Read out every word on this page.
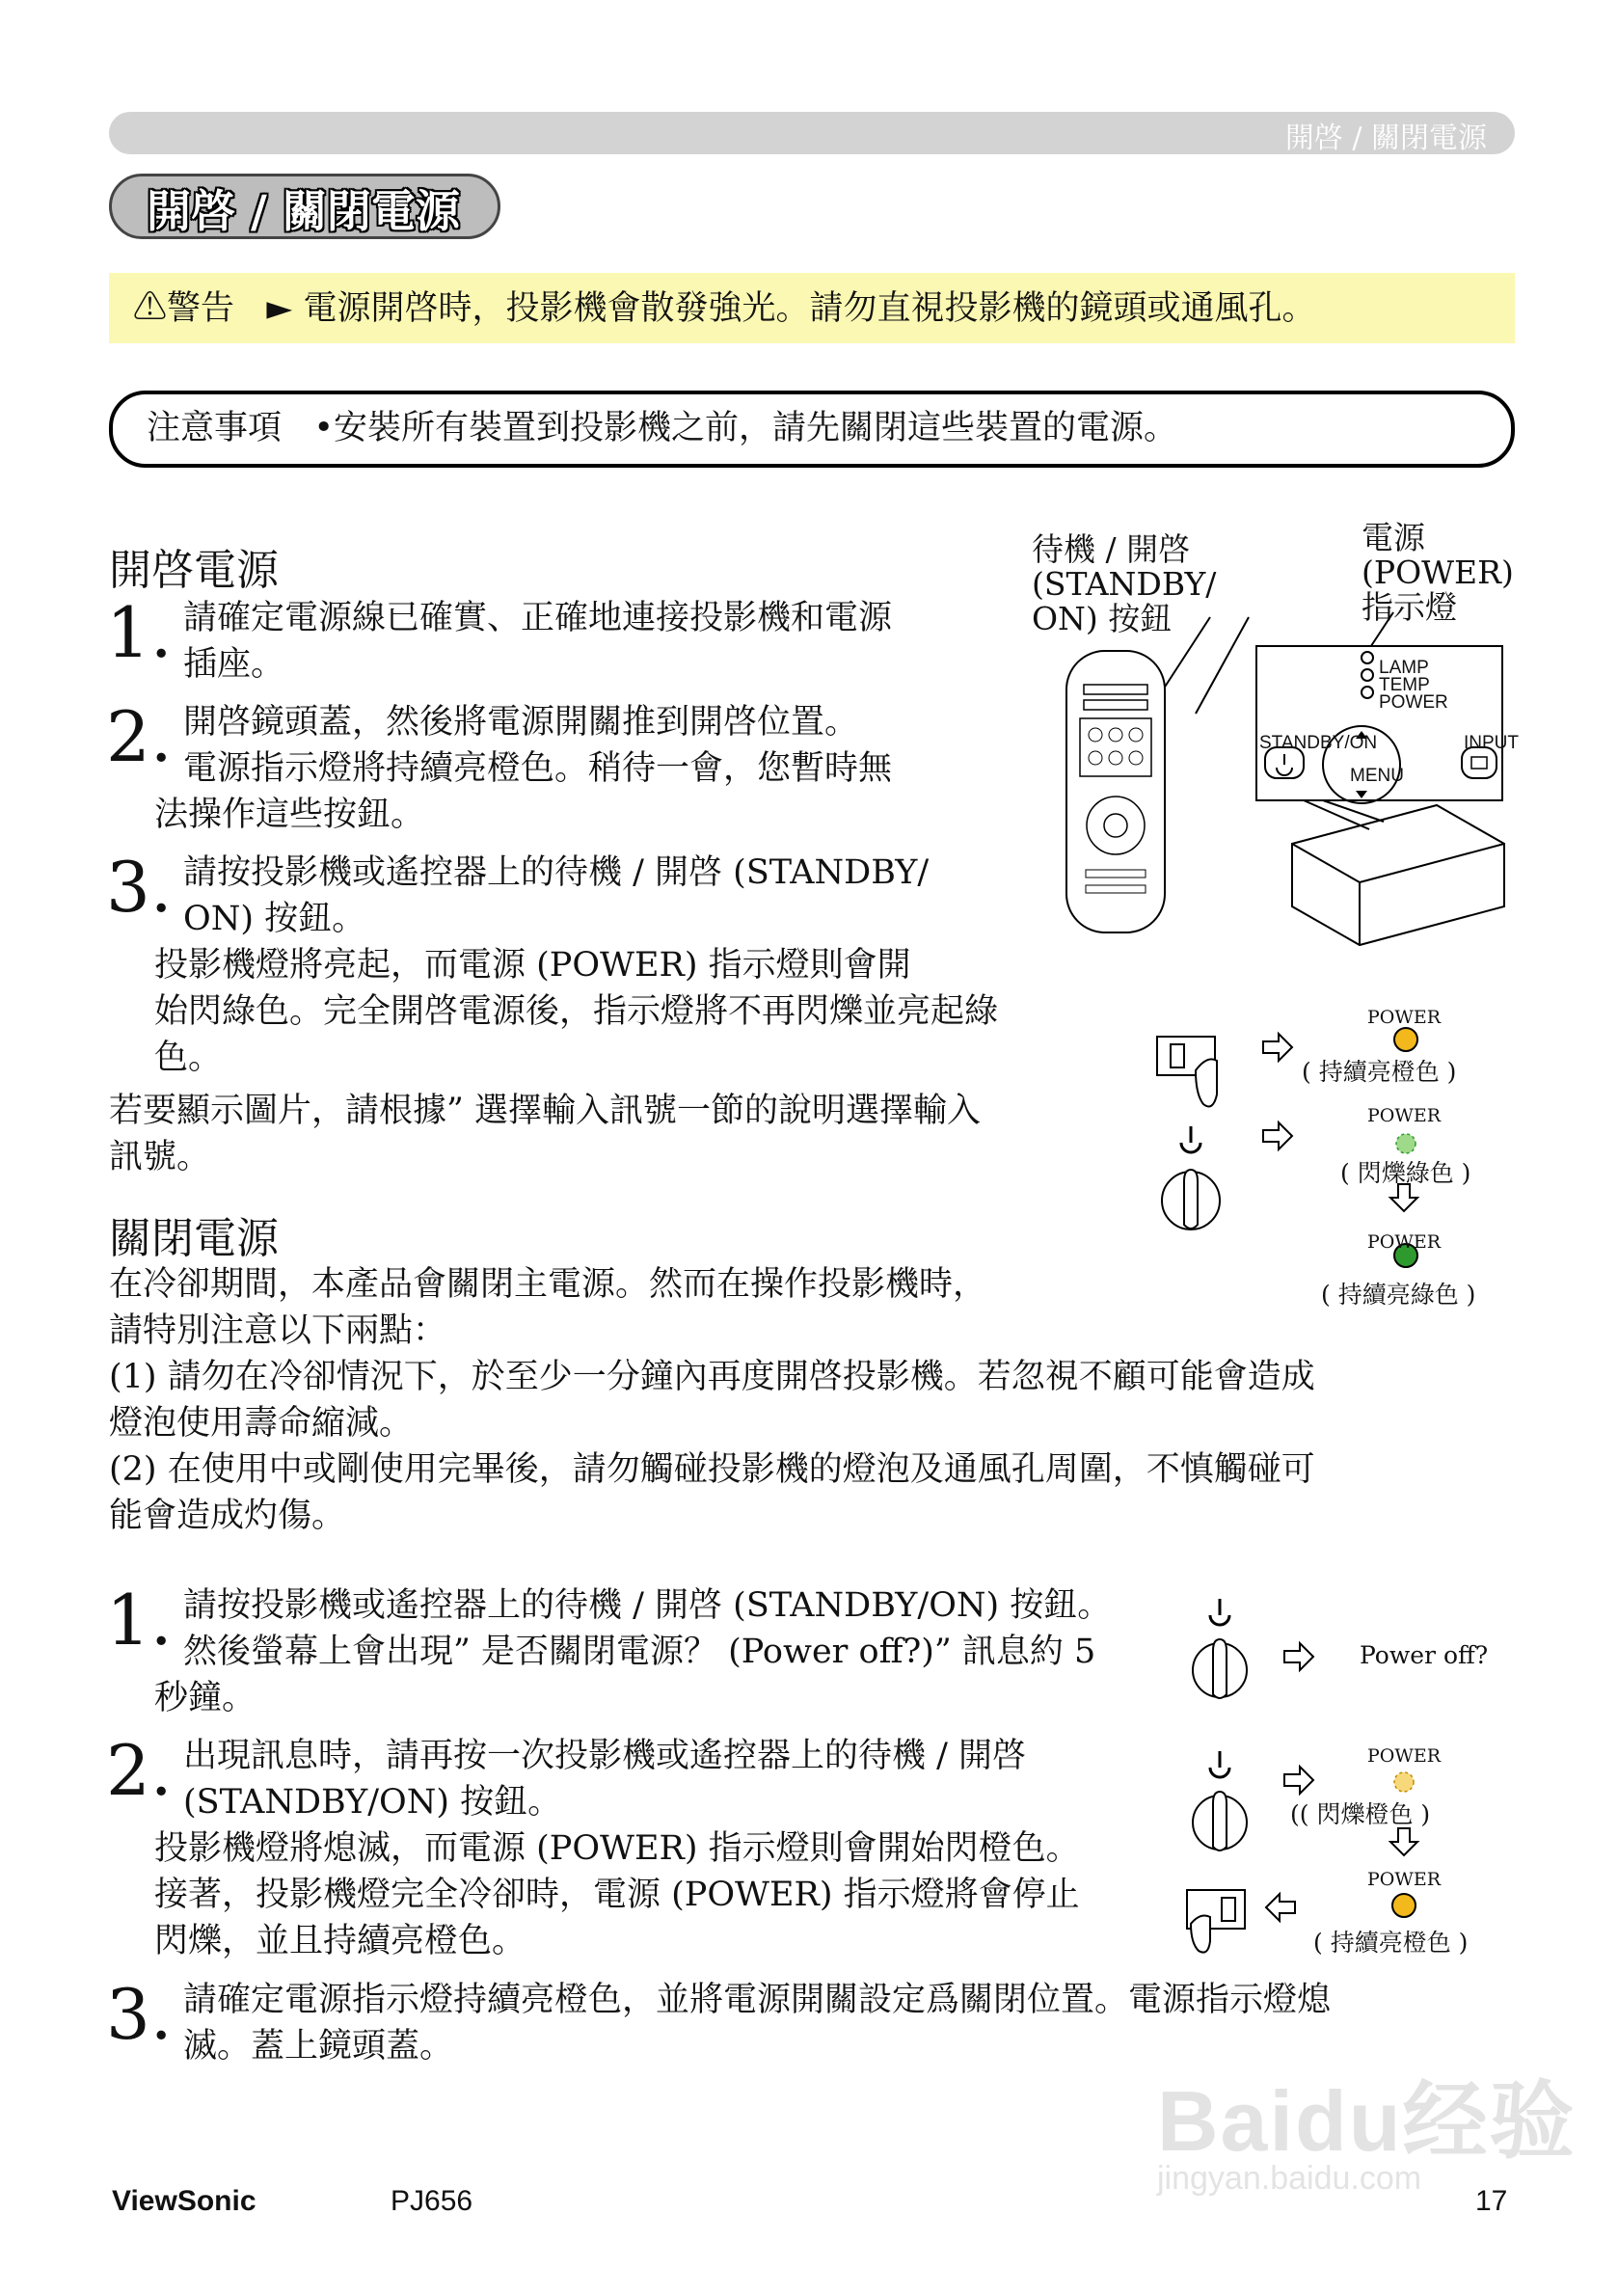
開啓 / 關閉電源
開啓 / 關閉電源
⚠警告 ► 電源開啓時，投影機會散發強光。請勿直視投影機的鏡頭或通風孔。
注意事項 •安裝所有裝置到投影機之前，請先關閉這些裝置的電源。
開啓電源
1. 請確定電源線已確實、正確地連接投影機和電源
插座。
2. 開啓鏡頭蓋，然後將電源開關推到開啓位置。
電源指示燈將持續亮橙色。稍待一會，您暫時無
法操作這些按鈕。
3. 請按投影機或遙控器上的待機 / 開啓 (STANDBY/
ON) 按鈕。
投影機燈將亮起，而電源 (POWER) 指示燈則會開
始閃綠色。完全開啓電源後，指示燈將不再閃爍並亮起綠
色。
若要顯示圖片，請根據” 選擇輸入訊號一節的說明選擇輸入
訊號。
關閉電源
在冷卻期間，本產品會關閉主電源。然而在操作投影機時，
請特別注意以下兩點：
(1) 請勿在冷卻情況下，於至少一分鐘內再度開啓投影機。若忽視不顧可能會造成
燈泡使用壽命縮減。
(2) 在使用中或剛使用完畢後，請勿觸碰投影機的燈泡及通風孔周圍，不慎觸碰可
能會造成灼傷。
1. 請按投影機或遙控器上的待機 / 開啓 (STANDBY/ON) 按鈕。
然後螢幕上會出現” 是否關閉電源？ (Power off?)” 訊息約 5
秒鐘。
2. 出現訊息時，請再按一次投影機或遙控器上的待機 / 開啓
(STANDBY/ON) 按鈕。
投影機燈將熄滅，而電源 (POWER) 指示燈則會開始閃橙色。
接著，投影機燈完全冷卻時，電源 (POWER) 指示燈將會停止
閃爍，並且持續亮橙色。
3. 請確定電源指示燈持續亮橙色，並將電源開關設定爲關閉位置。電源指示燈熄
滅。蓋上鏡頭蓋。
待機 / 開啓
(STANDBY/
ON) 按鈕
電源
(POWER)
指示燈
LAMP
TEMP
POWER
STANDBY/ON	INPUT
MENU
POWER
( 持續亮橙色 )
POWER
( 閃爍綠色 )
POWER
( 持續亮綠色 )
Power off?
POWER
(( 閃爍橙色 )
POWER
( 持續亮橙色 )
Baidu经验
jingyan.baidu.com
ViewSonic	PJ656	17
